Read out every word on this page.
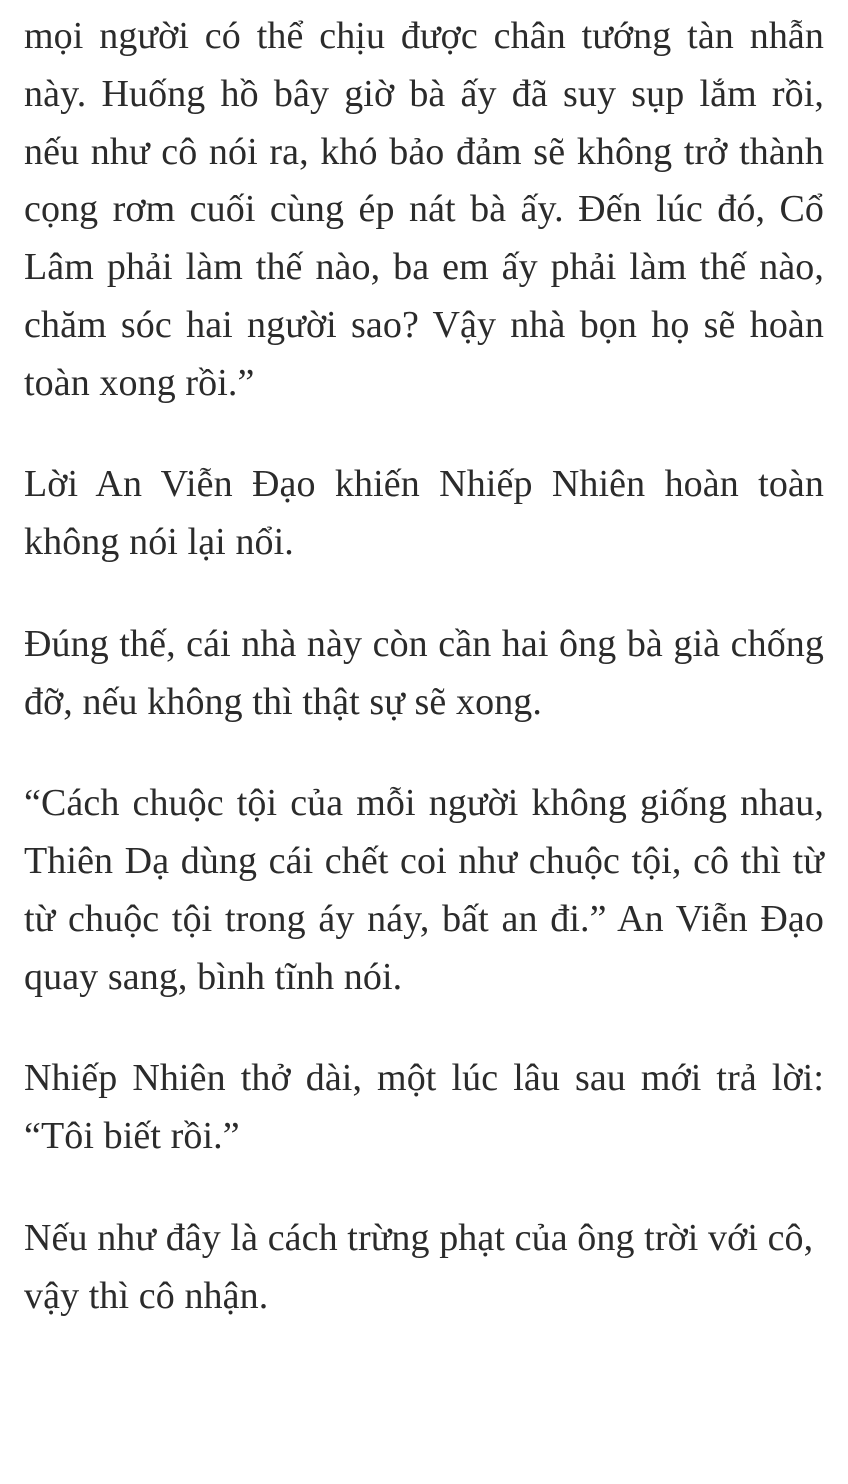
mọi người có thể chịu được chân tướng tàn nhẫn này. Huống hồ bây giờ bà ấy đã suy sụp lắm rồi, nếu như cô nói ra, khó bảo đảm sẽ không trở thành cọng rơm cuối cùng ép nát bà ấy. Đến lúc đó, Cổ Lâm phải làm thế nào, ba em ấy phải làm thế nào, chăm sóc hai người sao? Vậy nhà bọn họ sẽ hoàn toàn xong rồi.”

Lời An Viễn Đạo khiến Nhiếp Nhiên hoàn toàn không nói lại nổi.

Đúng thế, cái nhà này còn cần hai ông bà già chống đỡ, nếu không thì thật sự sẽ xong.

“Cách chuộc tội của mỗi người không giống nhau, Thiên Dạ dùng cái chết coi như chuộc tội, cô thì từ từ chuộc tội trong áy náy, bất an đi.” An Viễn Đạo quay sang, bình tĩnh nói.

Nhiếp Nhiên thở dài, một lúc lâu sau mới trả lời: “Tôi biết rồi.”

Nếu như đây là cách trừng phạt của ông trời với cô, vậy thì cô nhận.
